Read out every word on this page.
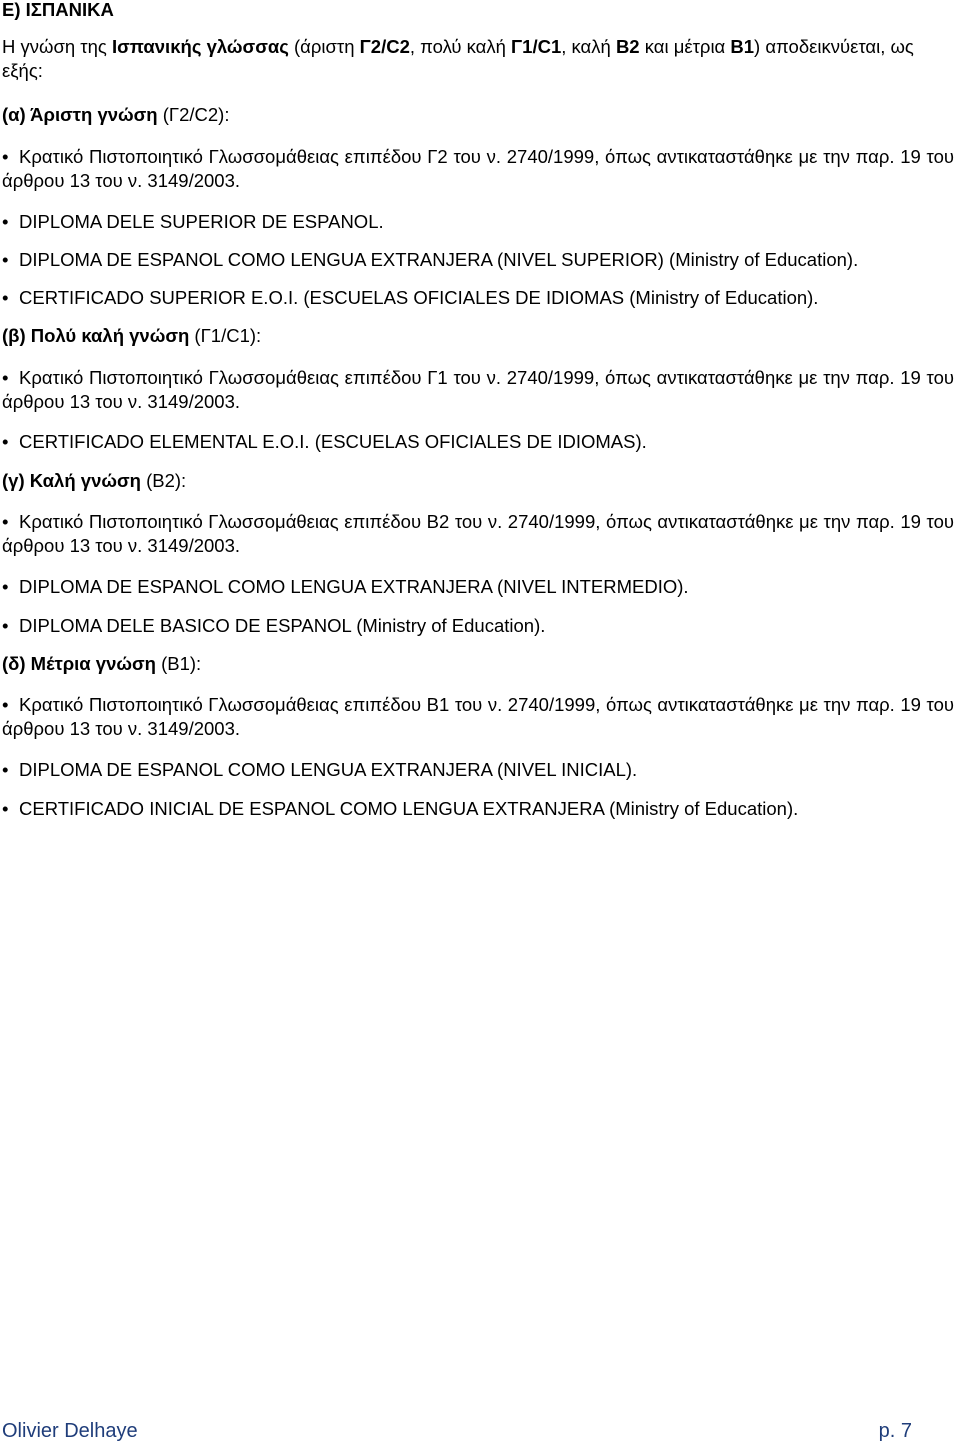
Ε) ΙΣΠΑΝΙΚΑ
Η γνώση της Ισπανικής γλώσσας (άριστη Γ2/C2, πολύ καλή Γ1/C1, καλή Β2 και μέτρια Β1) αποδεικνύεται, ως εξής:
(α) Άριστη γνώση (Γ2/C2):
• Κρατικό Πιστοποιητικό Γλωσσομάθειας επιπέδου Γ2 του ν. 2740/1999, όπως αντικαταστάθηκε με την παρ. 19 του άρθρου 13 του ν. 3149/2003.
• DIPLOMA DELE SUPERIOR DE ESPANOL.
• DIPLOMA DE ESPANOL COMO LENGUA EXTRANJERA (NIVEL SUPERIOR) (Ministry of Education).
• CERTIFICADO SUPERIOR E.O.I. (ESCUELAS OFICIALES DE IDIOMAS (Ministry of Education).
(β) Πολύ καλή γνώση (Γ1/C1):
• Κρατικό Πιστοποιητικό Γλωσσομάθειας επιπέδου Γ1 του ν. 2740/1999, όπως αντικαταστάθηκε με την παρ. 19 του άρθρου 13 του ν. 3149/2003.
• CERTIFICADO ELEMENTAL E.O.I. (ESCUELAS OFICIALES DE IDIOMAS).
(γ) Καλή γνώση (Β2):
• Κρατικό Πιστοποιητικό Γλωσσομάθειας επιπέδου Β2 του ν. 2740/1999, όπως αντικαταστάθηκε με την παρ. 19 του άρθρου 13 του ν. 3149/2003.
• DIPLOMA DE ESPANOL COMO LENGUA EXTRANJERA (NIVEL INTERMEDIO).
• DIPLOMA DELE BASICO DE ESPANOL (Ministry of Education).
(δ) Μέτρια γνώση (Β1):
• Κρατικό Πιστοποιητικό Γλωσσομάθειας επιπέδου Β1 του ν. 2740/1999, όπως αντικαταστάθηκε με την παρ. 19 του άρθρου 13 του ν. 3149/2003.
• DIPLOMA DE ESPANOL COMO LENGUA EXTRANJERA (NIVEL INICIAL).
• CERTIFICADO INICIAL DE ESPANOL COMO LENGUA EXTRANJERA (Ministry of Education).
Olivier Delhaye	p. 7
